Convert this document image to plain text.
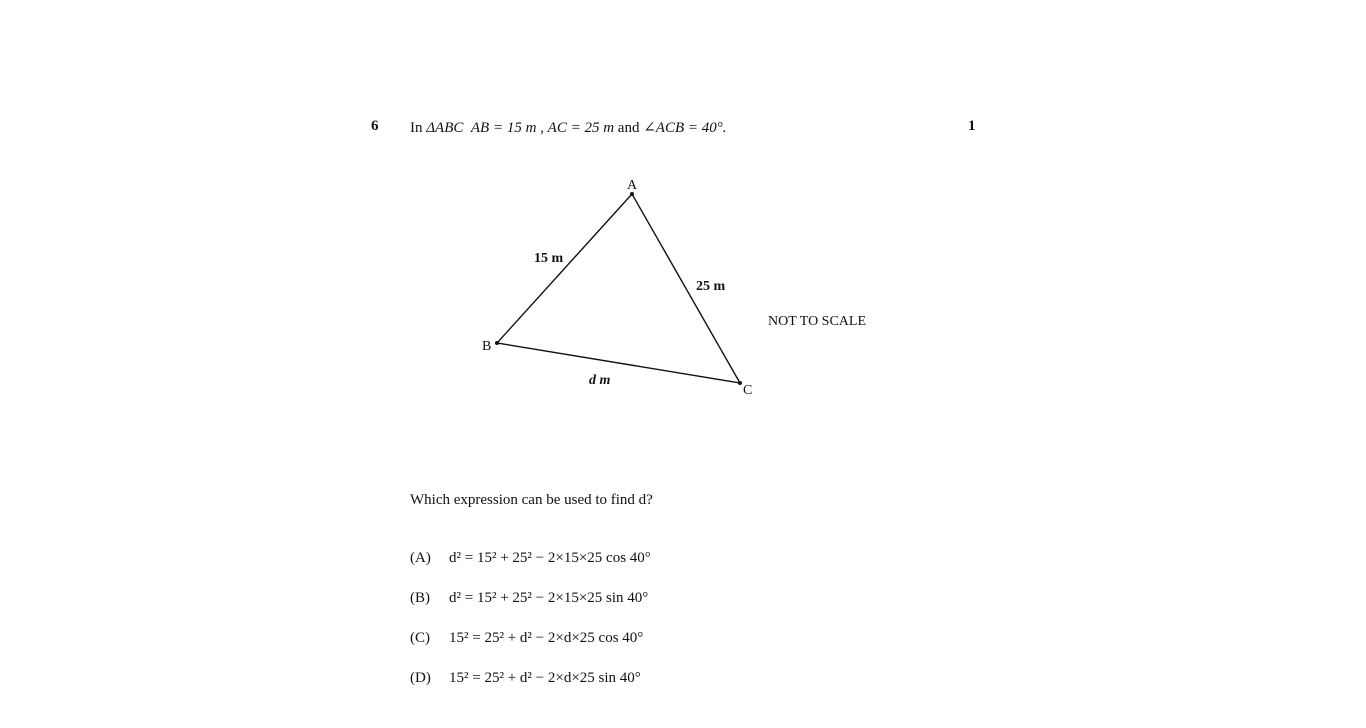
6 In ΔABC AB = 15 m , AC = 25 m and ∠ACB = 40°.	1
A
B
C
15 m
25 m
d m
NOT TO SCALE
Which expression can be used to find d?
(A)	d² = 15² + 25² − 2×15×25 cos 40°
(B)	d² = 15² + 25² − 2×15×25 sin 40°
(C)	15² = 25² + d² − 2×d×25 cos 40°
(D)	15² = 25² + d² − 2×d×25 sin 40°
